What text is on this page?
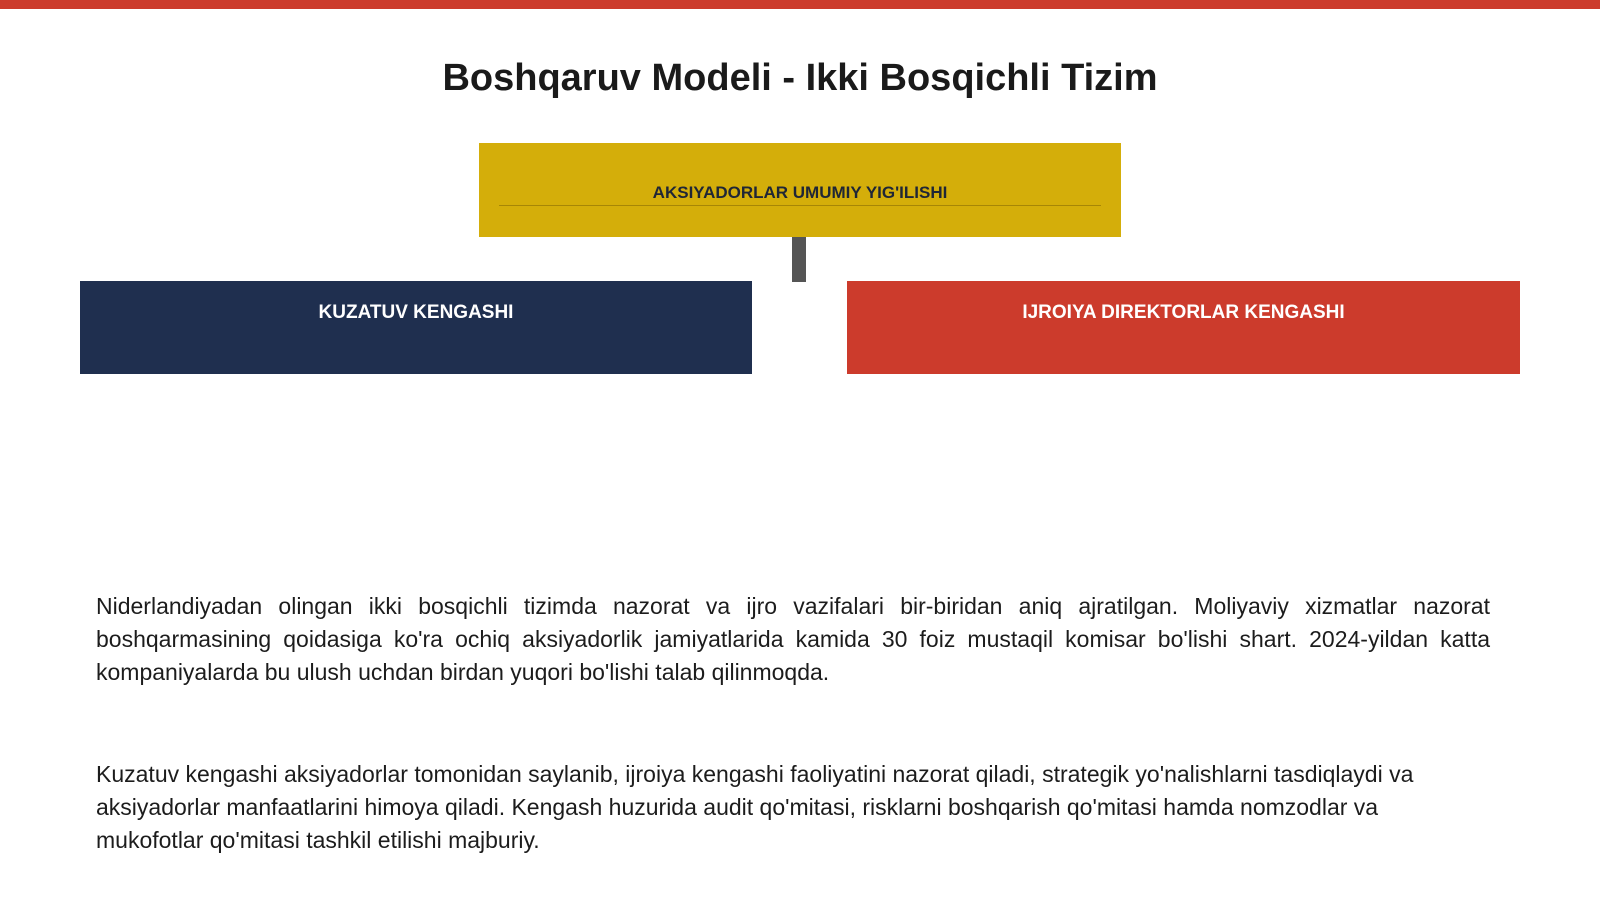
Boshqaruv Modeli - Ikki Bosqichli Tizim
AKSIYADORLAR UMUMIY YIG'ILISHI
KUZATUV KENGASHI	IJROIYA DIREKTORLAR KENGASHI

Niderlandiyadan olingan ikki bosqichli tizimda nazorat va ijro vazifalari bir-biridan aniq ajratilgan. Moliyaviy xizmatlar nazorat boshqarmasining qoidasiga ko'ra ochiq aksiyadorlik jamiyatlarida kamida 30 foiz mustaqil komisar bo'lishi shart. 2024-yildan katta kompaniyalarda bu ulush uchdan birdan yuqori bo'lishi talab qilinmoqda.

Kuzatuv kengashi aksiyadorlar tomonidan saylanib, ijroiya kengashi faoliyatini nazorat qiladi, strategik yo'nalishlarni tasdiqlaydi va aksiyadorlar manfaatlarini himoya qiladi. Kengash huzurida audit qo'mitasi, risklarni boshqarish qo'mitasi hamda nomzodlar va mukofotlar qo'mitasi tashkil etilishi majburiy.
